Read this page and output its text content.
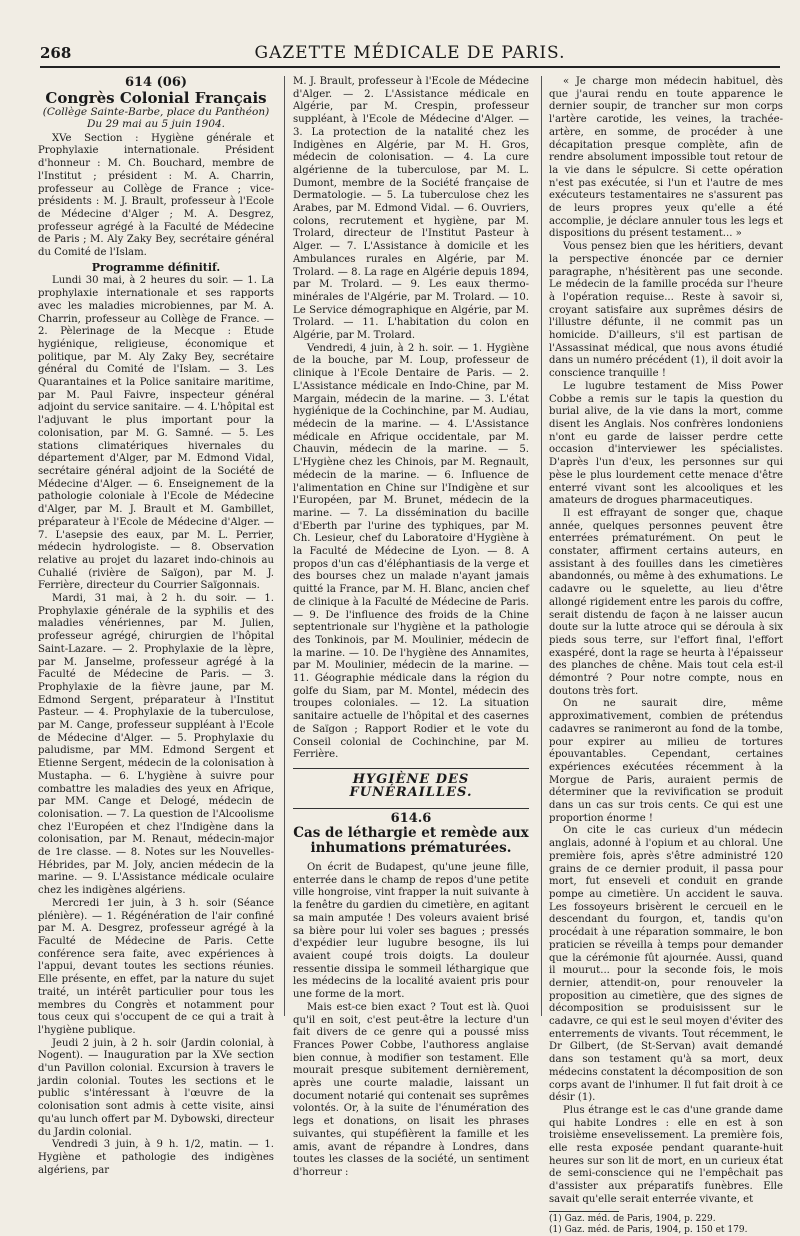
268	GAZETTE MÉDICALE DE PARIS.
614 (06)
Congrès Colonial Français
(Collège Sainte-Barbe, place du Panthéon)
Du 29 mai au 5 juin 1904.

XVe Section : Hygiène générale et Prophylaxie internationale. Président d'honneur : M. Ch. Bouchard, membre de l'Institut ; président : M. A. Charrin, professeur au Collège de France ; vice-présidents : M. J. Brault, professeur à l'Ecole de Médecine d'Alger ; M. A. Desgrez, professeur agrégé à la Faculté de Médecine de Paris ; M. Aly Zaky Bey, secrétaire général du Comité de l'Islam.

Programme définitif.

Lundi 30 mai, à 2 heures du soir. — 1. La prophylaxie internationale et ses rapports avec les maladies microbiennes, par M. A. Charrin, professeur au Collège de France. — 2. Pèlerinage de la Mecque : Etude hygiénique, religieuse, économique et politique, par M. Aly Zaky Bey, secrétaire général du Comité de l'Islam. — 3. Les Quarantaines et la Police sanitaire maritime, par M. Paul Faivre, inspecteur général adjoint du service sanitaire. — 4. L'hôpital est l'adjuvant le plus important pour la colonisation, par M. G. Samné. — 5. Les stations climatériques hivernales du département d'Alger, par M. Edmond Vidal, secrétaire général adjoint de la Société de Médecine d'Alger. — 6. Enseignement de la pathologie coloniale à l'Ecole de Médecine d'Alger, par M. J. Brault et M. Gambillet, préparateur à l'Ecole de Médecine d'Alger. — 7. L'asepsie des eaux, par M. L. Perrier, médecin hydrologiste. — 8. Observation relative au projet du lazaret indo-chinois au Cuhalié (rivière de Saïgon), par M. J. Ferrière, directeur du Courrier Saïgonnais.

Mardi, 31 mai, à 2 h. du soir. — 1. Prophylaxie générale de la syphilis et des maladies vénériennes, par M. Julien, professeur agrégé, chirurgien de l'hôpital Saint-Lazare. — 2. Prophylaxie de la lèpre, par M. Janselme, professeur agrégé à la Faculté de Médecine de Paris. — 3. Prophylaxie de la fièvre jaune, par M. Edmond Sergent, préparateur à l'Institut Pasteur. — 4. Prophylaxie de la tuberculose, par M. Cange, professeur suppléant à l'Ecole de Médecine d'Alger. — 5. Prophylaxie du paludisme, par MM. Edmond Sergent et Etienne Sergent, médecin de la colonisation à Mustapha. — 6. L'hygiène à suivre pour combattre les maladies des yeux en Afrique, par MM. Cange et Delogé, médecin de colonisation. — 7. La question de l'Alcoolisme chez l'Européen et chez l'Indigène dans la colonisation, par M. Renaut, médecin-major de 1re classe. — 8. Notes sur les Nouvelles-Hébrides, par M. Joly, ancien médecin de la marine. — 9. L'Assistance médicale oculaire chez les indigènes algériens.

Mercredi 1er juin, à 3 h. soir (Séance plénière). — 1. Régénération de l'air confiné par M. A. Desgrez, professeur agrégé à la Faculté de Médecine de Paris. Cette conférence sera faite, avec expériences à l'appui, devant toutes les sections réunies. Elle présente, en effet, par la nature du sujet traité, un intérêt particulier pour tous les membres du Congrès et notamment pour tous ceux qui s'occupent de ce qui a trait à l'hygiène publique.

Jeudi 2 juin, à 2 h. soir (Jardin colonial, à Nogent). — Inauguration par la XVe section d'un Pavillon colonial. Excursion à travers le jardin colonial. Toutes les sections et le public s'intéressant à l'œuvre de la colonisation sont admis à cette visite, ainsi qu'au lunch offert par M. Dybowski, directeur du Jardin colonial.

Vendredi 3 juin, à 9 h. 1/2, matin. — 1. Hygiène et pathologie des indigènes algériens, par

M. J. Brault, professeur à l'Ecole de Médecine d'Alger. — 2. L'Assistance médicale en Algérie, par M. Crespin, professeur suppléant, à l'Ecole de Médecine d'Alger. — 3. La protection de la natalité chez les Indigènes en Algérie, par M. H. Gros, médecin de colonisation. — 4. La cure algérienne de la tuberculose, par M. L. Dumont, membre de la Société française de Dermatologie. — 5. La tuberculose chez les Arabes, par M. Edmond Vidal. — 6. Ouvriers, colons, recrutement et hygiène, par M. Trolard, directeur de l'Institut Pasteur à Alger. — 7. L'Assistance à domicile et les Ambulances rurales en Algérie, par M. Trolard. — 8. La rage en Algérie depuis 1894, par M. Trolard. — 9. Les eaux thermo-minérales de l'Algérie, par M. Trolard. — 10. Le Service démographique en Algérie, par M. Trolard. — 11. L'habitation du colon en Algérie, par M. Trolard.

Vendredi, 4 juin, à 2 h. soir. — 1. Hygiène de la bouche, par M. Loup, professeur de clinique à l'Ecole Dentaire de Paris. — 2. L'Assistance médicale en Indo-Chine, par M. Margain, médecin de la marine. — 3. L'état hygiénique de la Cochinchine, par M. Audiau, médecin de la marine. — 4. L'Assistance médicale en Afrique occidentale, par M. Chauvin, médecin de la marine. — 5. L'Hygiène chez les Chinois, par M. Regnault, médecin de la marine. — 6. Influence de l'alimentation en Chine sur l'Indigène et sur l'Européen, par M. Brunet, médecin de la marine. — 7. La dissémination du bacille d'Eberth par l'urine des typhiques, par M. Ch. Lesieur, chef du Laboratoire d'Hygiène à la Faculté de Médecine de Lyon. — 8. A propos d'un cas d'éléphantiasis de la verge et des bourses chez un malade n'ayant jamais quitté la France, par M. H. Blanc, ancien chef de clinique à la Faculté de Médecine de Paris. — 9. De l'influence des froids de la Chine septentrionale sur l'hygiène et la pathologie des Tonkinois, par M. Moulinier, médecin de la marine. — 10. De l'hygiène des Annamites, par M. Moulinier, médecin de la marine. — 11. Géographie médicale dans la région du golfe du Siam, par M. Montel, médecin des troupes coloniales. — 12. La situation sanitaire actuelle de l'hôpital et des casernes de Saïgon ; Rapport Rodier et le vote du Conseil colonial de Cochinchine, par M. Ferrière.

HYGIÈNE DES FUNÉRAILLES.
614.6
Cas de léthargie et remède aux inhumations prématurées.

On écrit de Budapest, qu'une jeune fille, enterrée dans le champ de repos d'une petite ville hongroise, vint frapper la nuit suivante à la fenêtre du gardien du cimetière, en agitant sa main amputée ! Des voleurs avaient brisé sa bière pour lui voler ses bagues ; pressés d'expédier leur lugubre besogne, ils lui avaient coupé trois doigts. La douleur ressentie dissipa le sommeil léthargique que les médecins de la localité avaient pris pour une forme de la mort.

Mais est-ce bien exact ? Tout est là. Quoi qu'il en soit, c'est peut-être la lecture d'un fait divers de ce genre qui a poussé miss Frances Power Cobbe, l'authoress anglaise bien connue, à modifier son testament. Elle mourait presque subitement dernièrement, après une courte maladie, laissant un document notarié qui contenait ses suprêmes volontés. Or, à la suite de l'énumération des legs et donations, on lisait les phrases suivantes, qui stupéfièrent la famille et les amis, avant de répandre à Londres, dans toutes les classes de la société, un sentiment d'horreur :

« Je charge mon médecin habituel, dès que j'aurai rendu en toute apparence le dernier soupir, de trancher sur mon corps l'artère carotide, les veines, la trachée-artère, en somme, de procéder à une décapitation presque complète, afin de rendre absolument impossible tout retour de la vie dans le sépulcre. Si cette opération n'est pas exécutée, si l'un et l'autre de mes exécuteurs testamentaires ne s'assurent pas de leurs propres yeux qu'elle a été accomplie, je déclare annuler tous les legs et dispositions du présent testament... »

Vous pensez bien que les héritiers, devant la perspective énoncée par ce dernier paragraphe, n'hésitèrent pas une seconde. Le médecin de la famille procéda sur l'heure à l'opération requise... Reste à savoir si, croyant satisfaire aux suprêmes désirs de l'illustre défunte, il ne commit pas un homicide. D'ailleurs, s'il est partisan de l'Assassinat médical, que nous avons étudié dans un numéro précédent (1), il doit avoir la conscience tranquille !

Le lugubre testament de Miss Power Cobbe a remis sur le tapis la question du burial alive, de la vie dans la mort, comme disent les Anglais. Nos confrères londoniens n'ont eu garde de laisser perdre cette occasion d'interviewer les spécialistes. D'après l'un d'eux, les personnes sur qui pèse le plus lourdement cette menace d'être enterré vivant sont les alcooliques et les amateurs de drogues pharmaceutiques.

Il est effrayant de songer que, chaque année, quelques personnes peuvent être enterrées prématurément. On peut le constater, affirment certains auteurs, en assistant à des fouilles dans les cimetières abandonnés, ou même à des exhumations. Le cadavre ou le squelette, au lieu d'être allongé rigidement entre les parois du coffre, serait distendu de façon à ne laisser aucun doute sur la lutte atroce qui se déroula à six pieds sous terre, sur l'effort final, l'effort exaspéré, dont la rage se heurta à l'épaisseur des planches de chêne. Mais tout cela est-il démontré ? Pour notre compte, nous en doutons très fort.

On ne saurait dire, même approximativement, combien de prétendus cadavres se ranimeront au fond de la tombe, pour expirer au milieu de tortures épouvantables. Cependant, certaines expériences exécutées récemment à la Morgue de Paris, auraient permis de déterminer que la revivification se produit dans un cas sur trois cents. Ce qui est une proportion énorme !

On cite le cas curieux d'un médecin anglais, adonné à l'opium et au chloral. Une première fois, après s'être administré 120 grains de ce dernier produit, il passa pour mort, fut enseveli et conduit en grande pompe au cimetière. Un accident le sauva. Les fossoyeurs brisèrent le cercueil en le descendant du fourgon, et, tandis qu'on procédait à une réparation sommaire, le bon praticien se réveilla à temps pour demander que la cérémonie fût ajournée. Aussi, quand il mourut... pour la seconde fois, le mois dernier, attendit-on, pour renouveler la proposition au cimetière, que des signes de décomposition se produisissent sur le cadavre, ce qui est le seul moyen d'éviter des enterrements de vivants. Tout récemment, le Dr Gilbert, (de St-Servan) avait demandé dans son testament qu'à sa mort, deux médecins constatent la décomposition de son corps avant de l'inhumer. Il fut fait droit à ce désir (1).

Plus étrange est le cas d'une grande dame qui habite Londres : elle en est à son troisième ensevelissement. La première fois, elle resta exposée pendant quarante-huit heures sur son lit de mort, en un curieux état de semi-conscience qui ne l'empêchait pas d'assister aux préparatifs funèbres. Elle savait qu'elle serait enterrée vivante, et

(1) Gaz. méd. de Paris, 1904, p. 229.
(1) Gaz. méd. de Paris, 1904, p. 150 et 179.
